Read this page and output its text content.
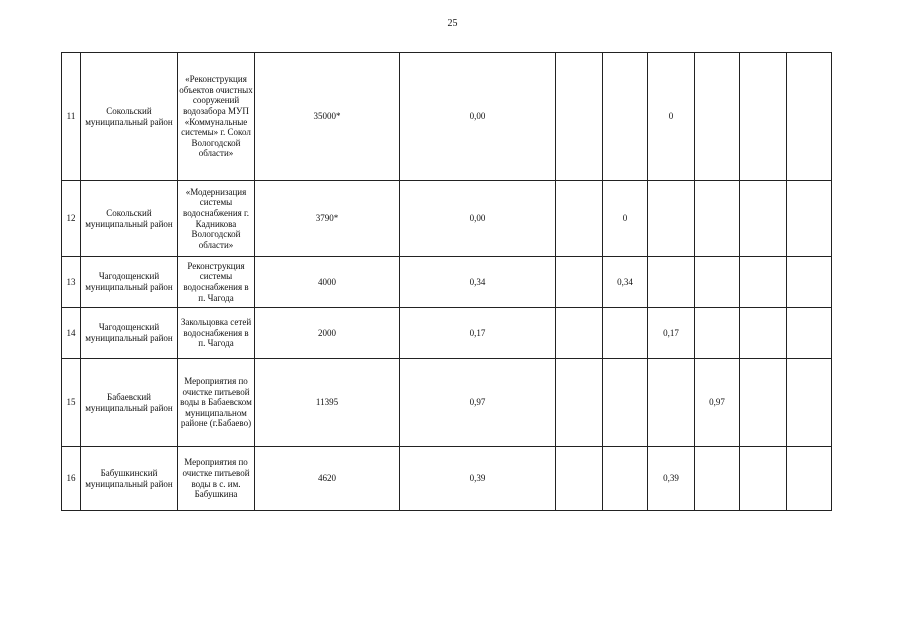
25
11	Сокольский муниципальный район	«Реконструкция объектов очистных сооружений водозабора МУП «Коммунальные системы» г. Сокол Вологодской области»	35000*	0,00			0			
12	Сокольский муниципальный район	«Модернизация системы водоснабжения г. Кадникова Вологодской области»	3790*	0,00		0				
13	Чагодощенский муниципальный район	Реконструкция системы водоснабжения в п. Чагода	4000	0,34		0,34				
14	Чагодощенский муниципальный район	Закольцовка сетей водоснабжения в п. Чагода	2000	0,17			0,17			
15	Бабаевский муниципальный район	Мероприятия по очистке питьевой воды в Бабаевском муниципальном районе (г.Бабаево)	11395	0,97				0,97		
16	Бабушкинский муниципальный район	Мероприятия по очистке питьевой воды в с. им. Бабушкина	4620	0,39			0,39			
